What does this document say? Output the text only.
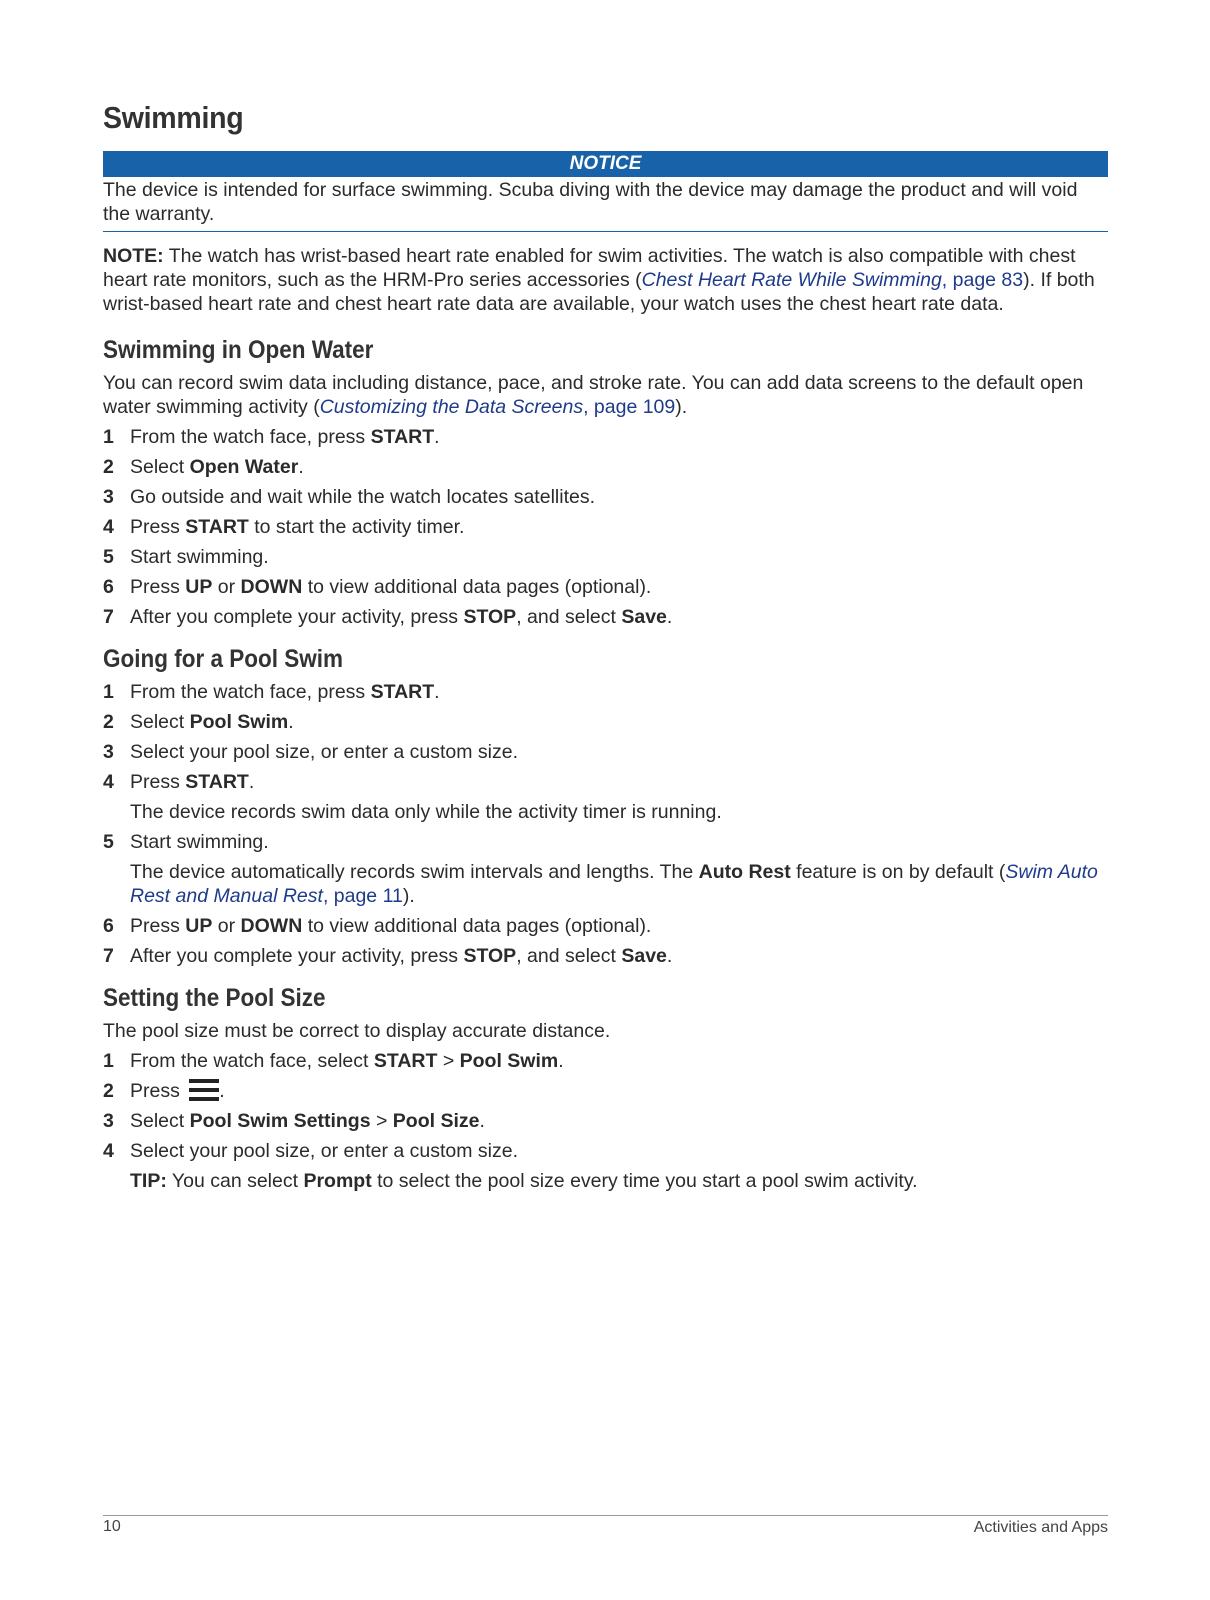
Swimming
NOTICE
The device is intended for surface swimming. Scuba diving with the device may damage the product and will void the warranty.

NOTE: The watch has wrist-based heart rate enabled for swim activities. The watch is also compatible with chest heart rate monitors, such as the HRM-Pro series accessories (Chest Heart Rate While Swimming, page 83). If both wrist-based heart rate and chest heart rate data are available, your watch uses the chest heart rate data.

Swimming in Open Water

You can record swim data including distance, pace, and stroke rate. You can add data screens to the default open water swimming activity (Customizing the Data Screens, page 109).

1 From the watch face, press START.
2 Select Open Water.
3 Go outside and wait while the watch locates satellites.
4 Press START to start the activity timer.
5 Start swimming.
6 Press UP or DOWN to view additional data pages (optional).
7 After you complete your activity, press STOP, and select Save.
Going for a Pool Swim
1 From the watch face, press START.
2 Select Pool Swim.
3 Select your pool size, or enter a custom size.
4 Press START.
The device records swim data only while the activity timer is running.
5 Start swimming.
The device automatically records swim intervals and lengths. The Auto Rest feature is on by default (Swim Auto Rest and Manual Rest, page 11).
6 Press UP or DOWN to view additional data pages (optional).
7 After you complete your activity, press STOP, and select Save.
Setting the Pool Size

The pool size must be correct to display accurate distance.

1 From the watch face, select START > Pool Swim.
2 Press
.
3 Select Pool Swim Settings > Pool Size.
4 Select your pool size, or enter a custom size.
TIP: You can select Prompt to select the pool size every time you start a pool swim activity.
10	Activities and Apps
